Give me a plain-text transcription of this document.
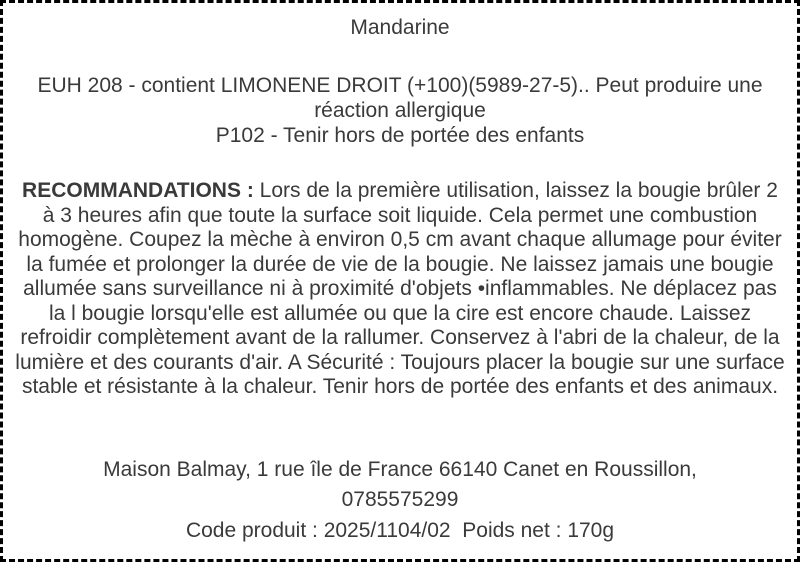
Mandarine
EUH 208 - contient LIMONENE DROIT (+100)(5989-27-5).. Peut produire une réaction allergique
P102 - Tenir hors de portée des enfants
RECOMMANDATIONS : Lors de la première utilisation, laissez la bougie brûler 2 à 3 heures afin que toute la surface soit liquide. Cela permet une combustion homogène. Coupez la mèche à environ 0,5 cm avant chaque allumage pour éviter la fumée et prolonger la durée de vie de la bougie. Ne laissez jamais une bougie allumée sans surveillance ni à proximité d'objets •inflammables. Ne déplacez pas la l bougie lorsqu'elle est allumée ou que la cire est encore chaude. Laissez refroidir complètement avant de la rallumer. Conservez à l'abri de la chaleur, de la lumière et des courants d'air. A Sécurité : Toujours placer la bougie sur une surface stable et résistante à la chaleur. Tenir hors de portée des enfants et des animaux.
Maison Balmay, 1 rue île de France 66140 Canet en Roussillon,
0785575299
Code produit : 2025/1104/02 Poids net : 170g
